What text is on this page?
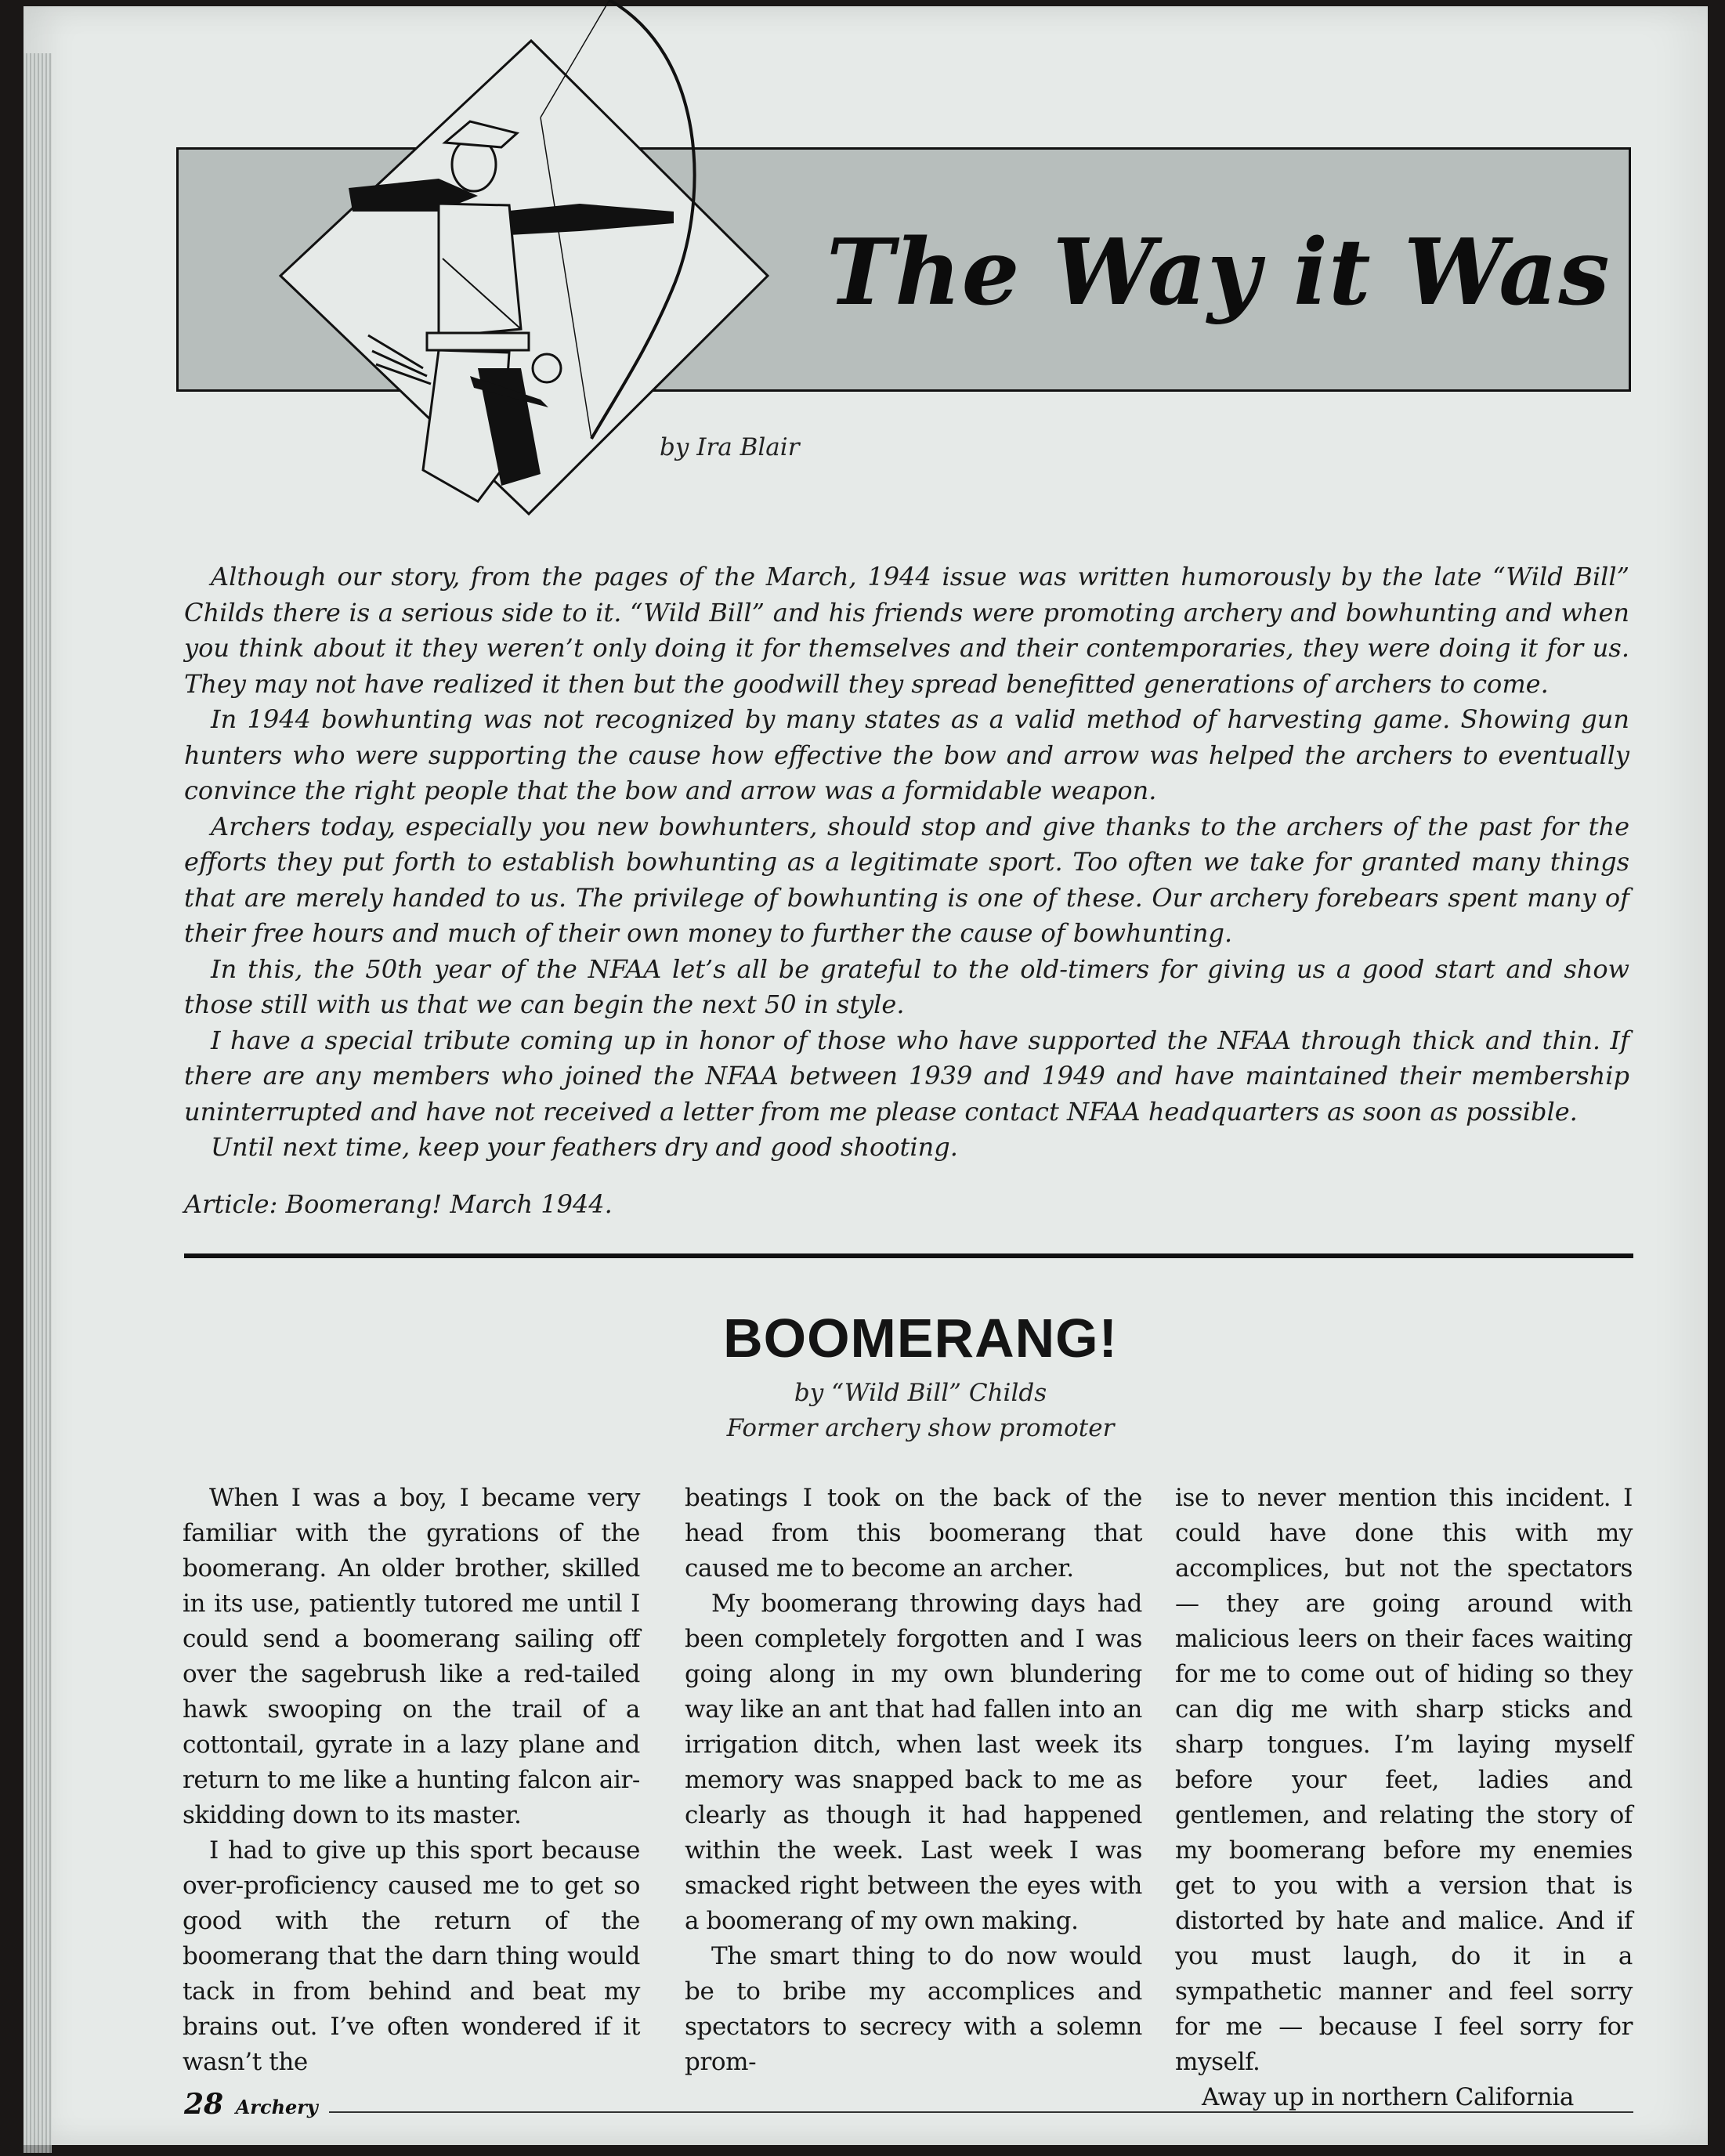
The Way it Was
by Ira Blair

Although our story, from the pages of the March, 1944 issue was written humorously by the late “Wild Bill” Childs there is a serious side to it. “Wild Bill” and his friends were promoting archery and bowhunting and when you think about it they weren’t only doing it for themselves and their contemporaries, they were doing it for us. They may not have realized it then but the goodwill they spread benefitted generations of archers to come.

In 1944 bowhunting was not recognized by many states as a valid method of harvesting game. Showing gun hunters who were supporting the cause how effective the bow and arrow was helped the archers to eventually convince the right people that the bow and arrow was a formidable weapon.

Archers today, especially you new bowhunters, should stop and give thanks to the archers of the past for the efforts they put forth to establish bowhunting as a legitimate sport. Too often we take for granted many things that are merely handed to us. The privilege of bowhunting is one of these. Our archery forebears spent many of their free hours and much of their own money to further the cause of bowhunting.

In this, the 50th year of the NFAA let’s all be grateful to the old-timers for giving us a good start and show those still with us that we can begin the next 50 in style.

I have a special tribute coming up in honor of those who have supported the NFAA through thick and thin. If there are any members who joined the NFAA between 1939 and 1949 and have maintained their membership uninterrupted and have not received a letter from me please contact NFAA headquarters as soon as possible.

Until next time, keep your feathers dry and good shooting.

Article: Boomerang! March 1944.
BOOMERANG!
by “Wild Bill” Childs
Former archery show promoter

When I was a boy, I became very familiar with the gyrations of the boomerang. An older brother, skilled in its use, patiently tutored me until I could send a boomerang sailing off over the sagebrush like a red-tailed hawk swooping on the trail of a cottontail, gyrate in a lazy plane and return to me like a hunting falcon air-skidding down to its master.

I had to give up this sport because over-proficiency caused me to get so good with the return of the boomerang that the darn thing would tack in from behind and beat my brains out. I’ve often wondered if it wasn’t the

beatings I took on the back of the head from this boomerang that caused me to become an archer.

My boomerang throwing days had been completely forgotten and I was going along in my own blundering way like an ant that had fallen into an irrigation ditch, when last week its memory was snapped back to me as clearly as though it had happened within the week. Last week I was smacked right between the eyes with a boomerang of my own making.

The smart thing to do now would be to bribe my accomplices and spectators to secrecy with a solemn prom-

ise to never mention this incident. I could have done this with my accomplices, but not the spectators — they are going around with malicious leers on their faces waiting for me to come out of hiding so they can dig me with sharp sticks and sharp tongues. I’m laying myself before your feet, ladies and gentlemen, and relating the story of my boomerang before my enemies get to you with a version that is distorted by hate and malice. And if you must laugh, do it in a sympathetic manner and feel sorry for me — because I feel sorry for myself.

Away up in northern California

28 Archery
